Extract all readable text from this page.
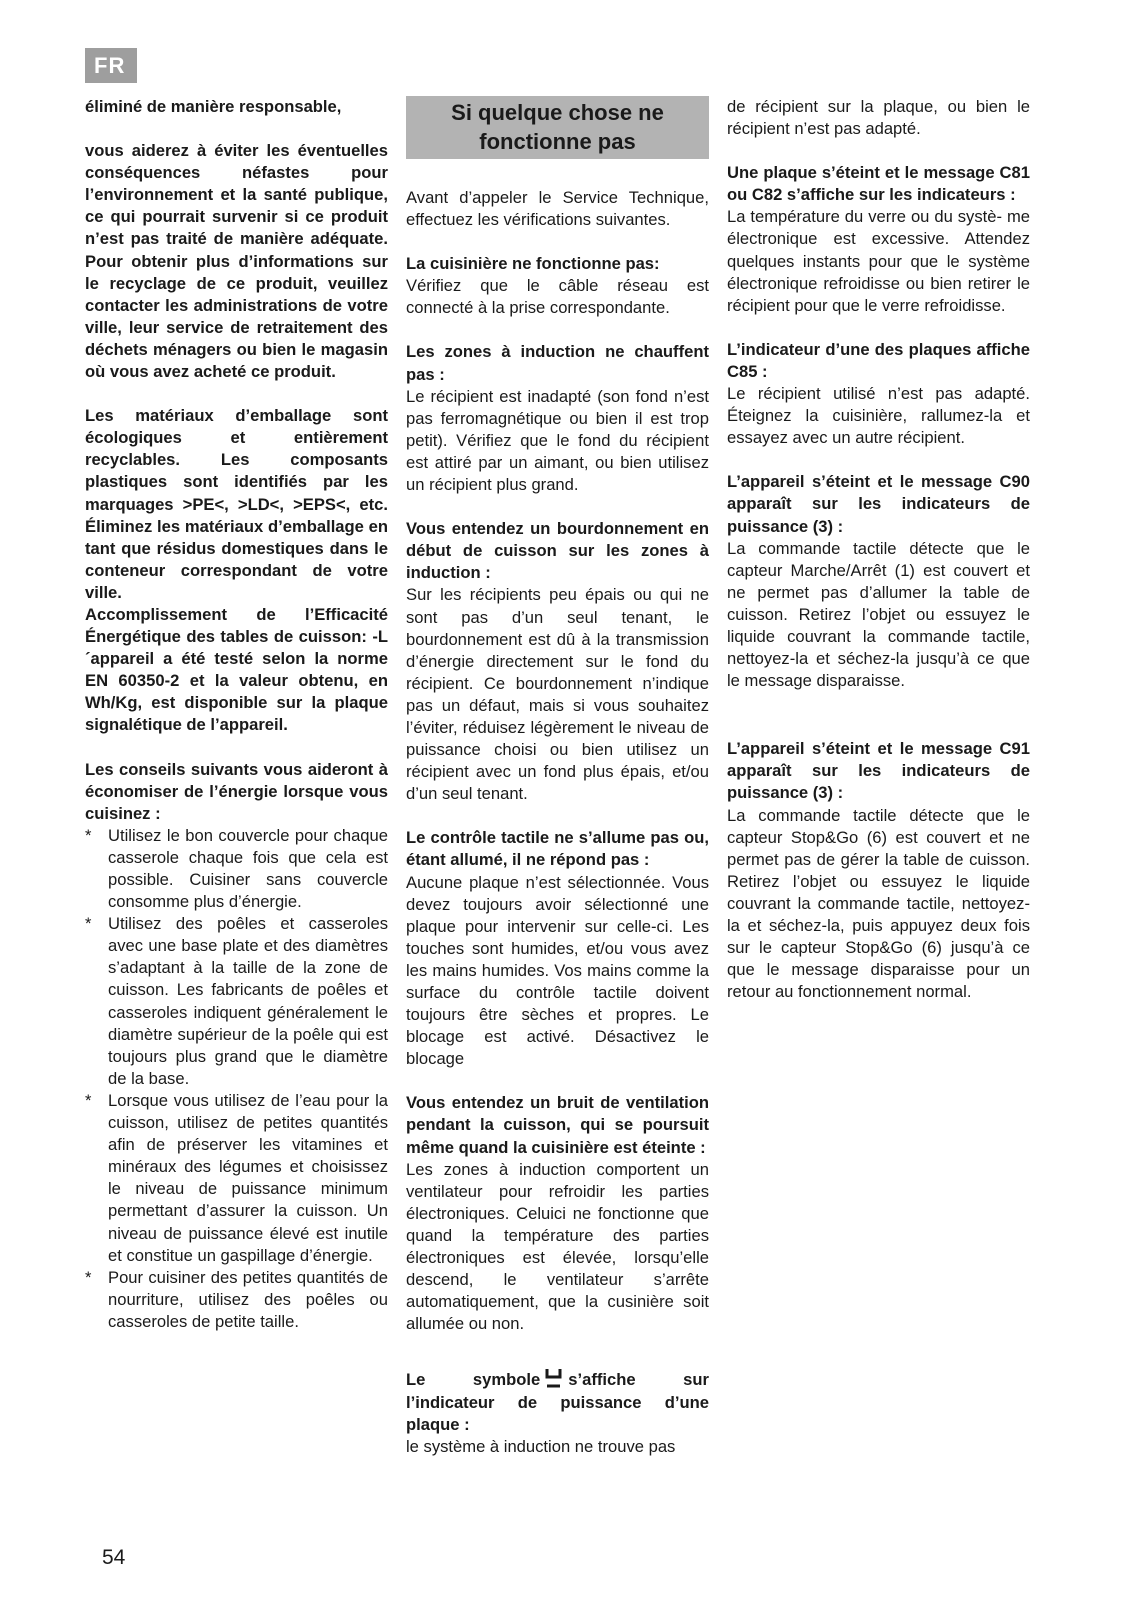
FR

éliminé de manière responsable,

vous aiderez à éviter les éventuelles conséquences néfastes pour l’environnement et la santé publique, ce qui pourrait survenir si ce produit n’est pas traité de manière adéquate. Pour obtenir plus d’informations sur le recyclage de ce produit, veuillez contacter les administrations de votre ville, leur service de retraitement des déchets ménagers ou bien le magasin où vous avez acheté ce produit.

Les matériaux d’emballage sont écologiques et entièrement recyclables. Les composants plastiques sont identifiés par les marquages >PE<, >LD<, >EPS<, etc. Éliminez les matériaux d’emballage en tant que résidus domestiques dans le conteneur correspondant de votre ville.

Accomplissement de l’Efficacité Énergétique des tables de cuisson: -L´appareil a été testé selon la norme EN 60350-2 et la valeur obtenu, en Wh/Kg, est disponible sur la plaque signalétique de l’appareil.

Les conseils suivants vous aideront à économiser de l’énergie lorsque vous cuisinez :

* Utilisez le bon couvercle pour chaque casserole chaque fois que cela est possible. Cuisiner sans couvercle consomme plus d’énergie.
* Utilisez des poêles et casseroles avec une base plate et des diamètres s’adaptant à la taille de la zone de cuisson. Les fabricants de poêles et casseroles indiquent généralement le diamètre supérieur de la poêle qui est toujours plus grand que le diamètre de la base.
* Lorsque vous utilisez de l’eau pour la cuisson, utilisez de petites quantités afin de préserver les vitamines et minéraux des légumes et choisissez le niveau de puissance minimum permettant d’assurer la cuisson. Un niveau de puissance élevé est inutile et constitue un gaspillage d’énergie.
* Pour cuisiner des petites quantités de nourriture, utilisez des poêles ou casseroles de petite taille.
Si quelque chose ne fonctionne pas

Avant d’appeler le Service Technique, effectuez les vérifications suivantes.

La cuisinière ne fonctionne pas:

Vérifiez que le câble réseau est connecté à la prise correspondante.

Les zones à induction ne chauffent pas :

Le récipient est inadapté (son fond n’est pas ferromagnétique ou bien il est trop petit). Vérifiez que le fond du récipient est attiré par un aimant, ou bien utilisez un récipient plus grand.

Vous entendez un bourdonnement en début de cuisson sur les zones à induction :

Sur les récipients peu épais ou qui ne sont pas d’un seul tenant, le bourdonnement est dû à la transmission d’énergie directement sur le fond du récipient. Ce bourdonnement n’indique pas un défaut, mais si vous souhaitez l’éviter, réduisez légèrement le niveau de puissance choisi ou bien utilisez un récipient avec un fond plus épais, et/ou d’un seul tenant.

Le contrôle tactile ne s’allume pas ou, étant allumé, il ne répond pas :

Aucune plaque n’est sélectionnée. Vous devez toujours avoir sélectionné une plaque pour intervenir sur celle-ci. Les touches sont humides, et/ou vous avez les mains humides. Vos mains comme la surface du contrôle tactile doivent toujours être sèches et propres. Le blocage est activé. Désactivez le blocage

Vous entendez un bruit de ventilation pendant la cuisson, qui se poursuit même quand la cuisinière est éteinte :

Les zones à induction comportent un ventilateur pour refroidir les parties électroniques. Celuici ne fonctionne que quand la température des parties électroniques est élevée, lorsqu’elle descend, le ventilateur s’arrête automatiquement, que la cusinière soit allumée ou non.

Le symbole s’affiche sur l’indicateur de puissance d’une plaque :

le système à induction ne trouve pas

de récipient sur la plaque, ou bien le récipient n’est pas adapté.

Une plaque s’éteint et le message C81 ou C82 s’affiche sur les indicateurs :

La température du verre ou du systè- me électronique est excessive. Attendez quelques instants pour que le système électronique refroidisse ou bien retirer le récipient pour que le verre refroidisse.

L’indicateur d’une des plaques affiche C85 :

Le récipient utilisé n’est pas adapté. Éteignez la cuisinière, rallumez-la et essayez avec un autre récipient.

L’appareil s’éteint et le message C90 apparaît sur les indicateurs de puissance (3) :

La commande tactile détecte que le capteur Marche/Arrêt (1) est couvert et ne permet pas d’allumer la table de cuisson. Retirez l’objet ou essuyez le liquide couvrant la commande tactile, nettoyez-la et séchez-la jusqu’à ce que le message disparaisse.

L’appareil s’éteint et le message C91 apparaît sur les indicateurs de puissance (3) :

La commande tactile détecte que le capteur Stop&Go (6) est couvert et ne permet pas de gérer la table de cuisson. Retirez l’objet ou essuyez le liquide couvrant la commande tactile, nettoyez-la et séchez-la, puis appuyez deux fois sur le capteur Stop&Go (6) jusqu’à ce que le message disparaisse pour un retour au fonctionnement normal.

54
